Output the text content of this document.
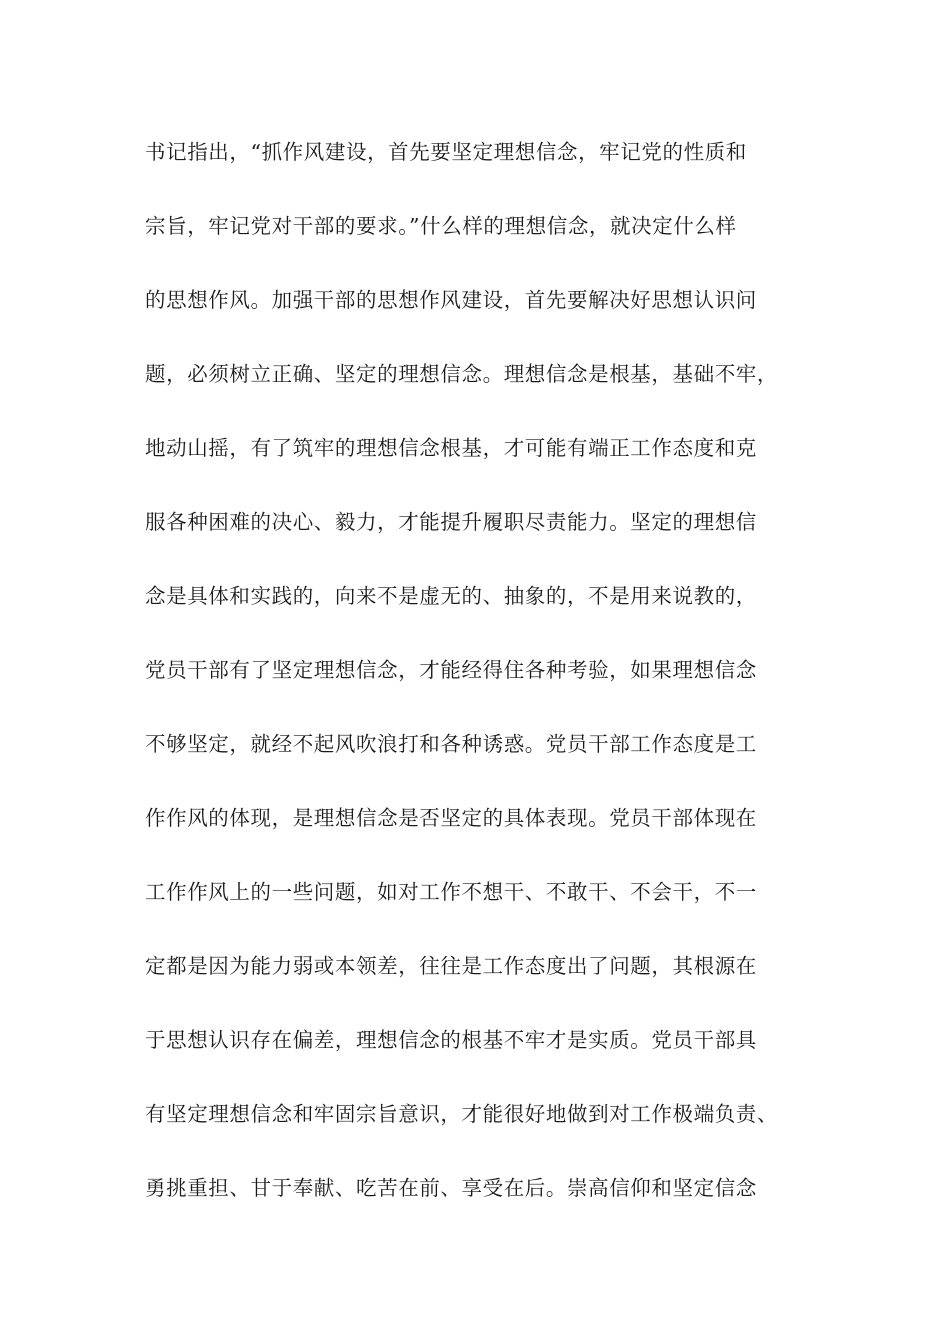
书记指出，“抓作风建设，首先要坚定理想信念，牢记党的性质和
宗旨，牢记党对干部的要求。”什么样的理想信念，就决定什么样
的思想作风。加强干部的思想作风建设，首先要解决好思想认识问
题，必须树立正确、坚定的理想信念。理想信念是根基，基础不牢，
地动山摇，有了筑牢的理想信念根基，才可能有端正工作态度和克
服各种困难的决心、毅力，才能提升履职尽责能力。坚定的理想信
念是具体和实践的，向来不是虚无的、抽象的，不是用来说教的，
党员干部有了坚定理想信念，才能经得住各种考验，如果理想信念
不够坚定，就经不起风吹浪打和各种诱惑。党员干部工作态度是工
作作风的体现，是理想信念是否坚定的具体表现。党员干部体现在
工作作风上的一些问题，如对工作不想干、不敢干、不会干，不一
定都是因为能力弱或本领差，往往是工作态度出了问题，其根源在
于思想认识存在偏差，理想信念的根基不牢才是实质。党员干部具
有坚定理想信念和牢固宗旨意识，才能很好地做到对工作极端负责、
勇挑重担、甘于奉献、吃苦在前、享受在后。崇高信仰和坚定信念
